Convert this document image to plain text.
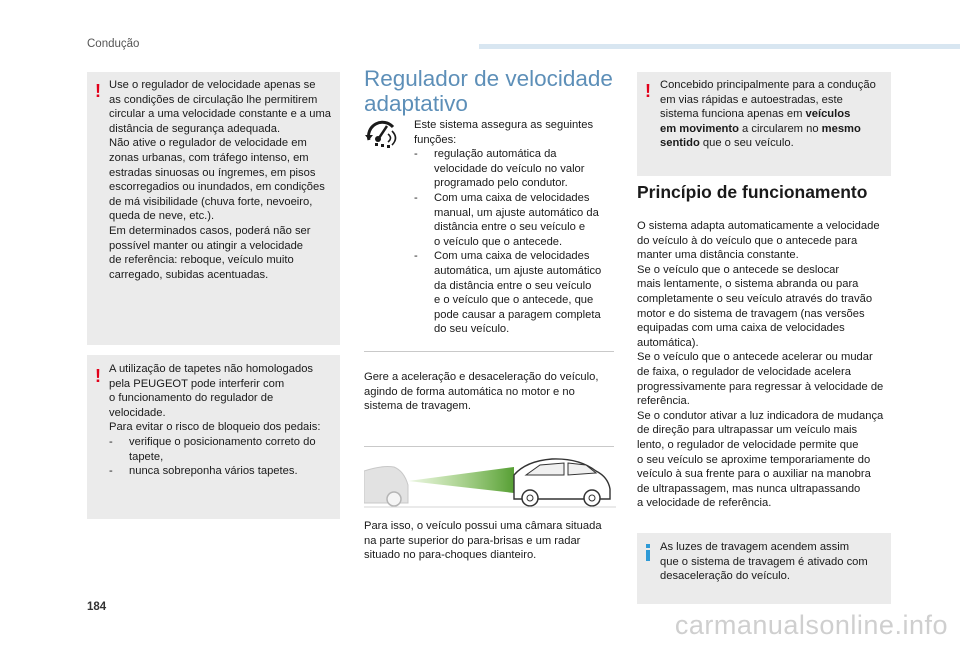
Condução
! Use o regulador de velocidade apenas se

as condições de circulação lhe permitirem

circular a uma velocidade constante e a uma

distância de segurança adequada.

Não ative o regulador de velocidade em

zonas urbanas, com tráfego intenso, em

estradas sinuosas ou íngremes, em pisos

escorregadios ou inundados, em condições

de má visibilidade (chuva forte, nevoeiro,

queda de neve, etc.).

Em determinados casos, poderá não ser

possível manter ou atingir a velocidade

de referência: reboque, veículo muito

carregado, subidas acentuadas.

! A utilização de tapetes não homologados

pela PEUGEOT pode interferir com

o funcionamento do regulador de

velocidade.

Para evitar o risco de bloqueio dos pedais:

-	verifique o posicionamento correto do
tapete,
-	nunca sobreponha vários tapetes.
Regulador de velocidade
adaptativo

Este sistema assegura as seguintes

funções:

-	regulação automática da
velocidade do veículo no valor
programado pelo condutor.
-	Com uma caixa de velocidades
manual, um ajuste automático da
distância entre o seu veículo e
o veículo que o antecede.
-	Com uma caixa de velocidades
automática, um ajuste automático
da distância entre o seu veículo
e o veículo que o antecede, que
pode causar a paragem completa
do seu veículo.

Gere a aceleração e desaceleração do veículo,

agindo de forma automática no motor e no

sistema de travagem.

Para isso, o veículo possui uma câmara situada

na parte superior do para-brisas e um radar

situado no para-choques dianteiro.

! Concebido principalmente para a condução

em vias rápidas e autoestradas, este

sistema funciona apenas em veículos

em movimento a circularem no mesmo

sentido que o seu veículo.

Princípio de funcionamento

O sistema adapta automaticamente a velocidade

do veículo à do veículo que o antecede para

manter uma distância constante.

Se o veículo que o antecede se deslocar

mais lentamente, o sistema abranda ou para

completamente o seu veículo através do travão

motor e do sistema de travagem (nas versões

equipadas com uma caixa de velocidades

automática).

Se o veículo que o antecede acelerar ou mudar

de faixa, o regulador de velocidade acelera

progressivamente para regressar à velocidade de

referência.

Se o condutor ativar a luz indicadora de mudança

de direção para ultrapassar um veículo mais

lento, o regulador de velocidade permite que

o seu veículo se aproxime temporariamente do

veículo à sua frente para o auxiliar na manobra

de ultrapassagem, mas nunca ultrapassando

a velocidade de referência.

As luzes de travagem acendem assim

que o sistema de travagem é ativado com

desaceleração do veículo.

184
carmanualsonline.info
